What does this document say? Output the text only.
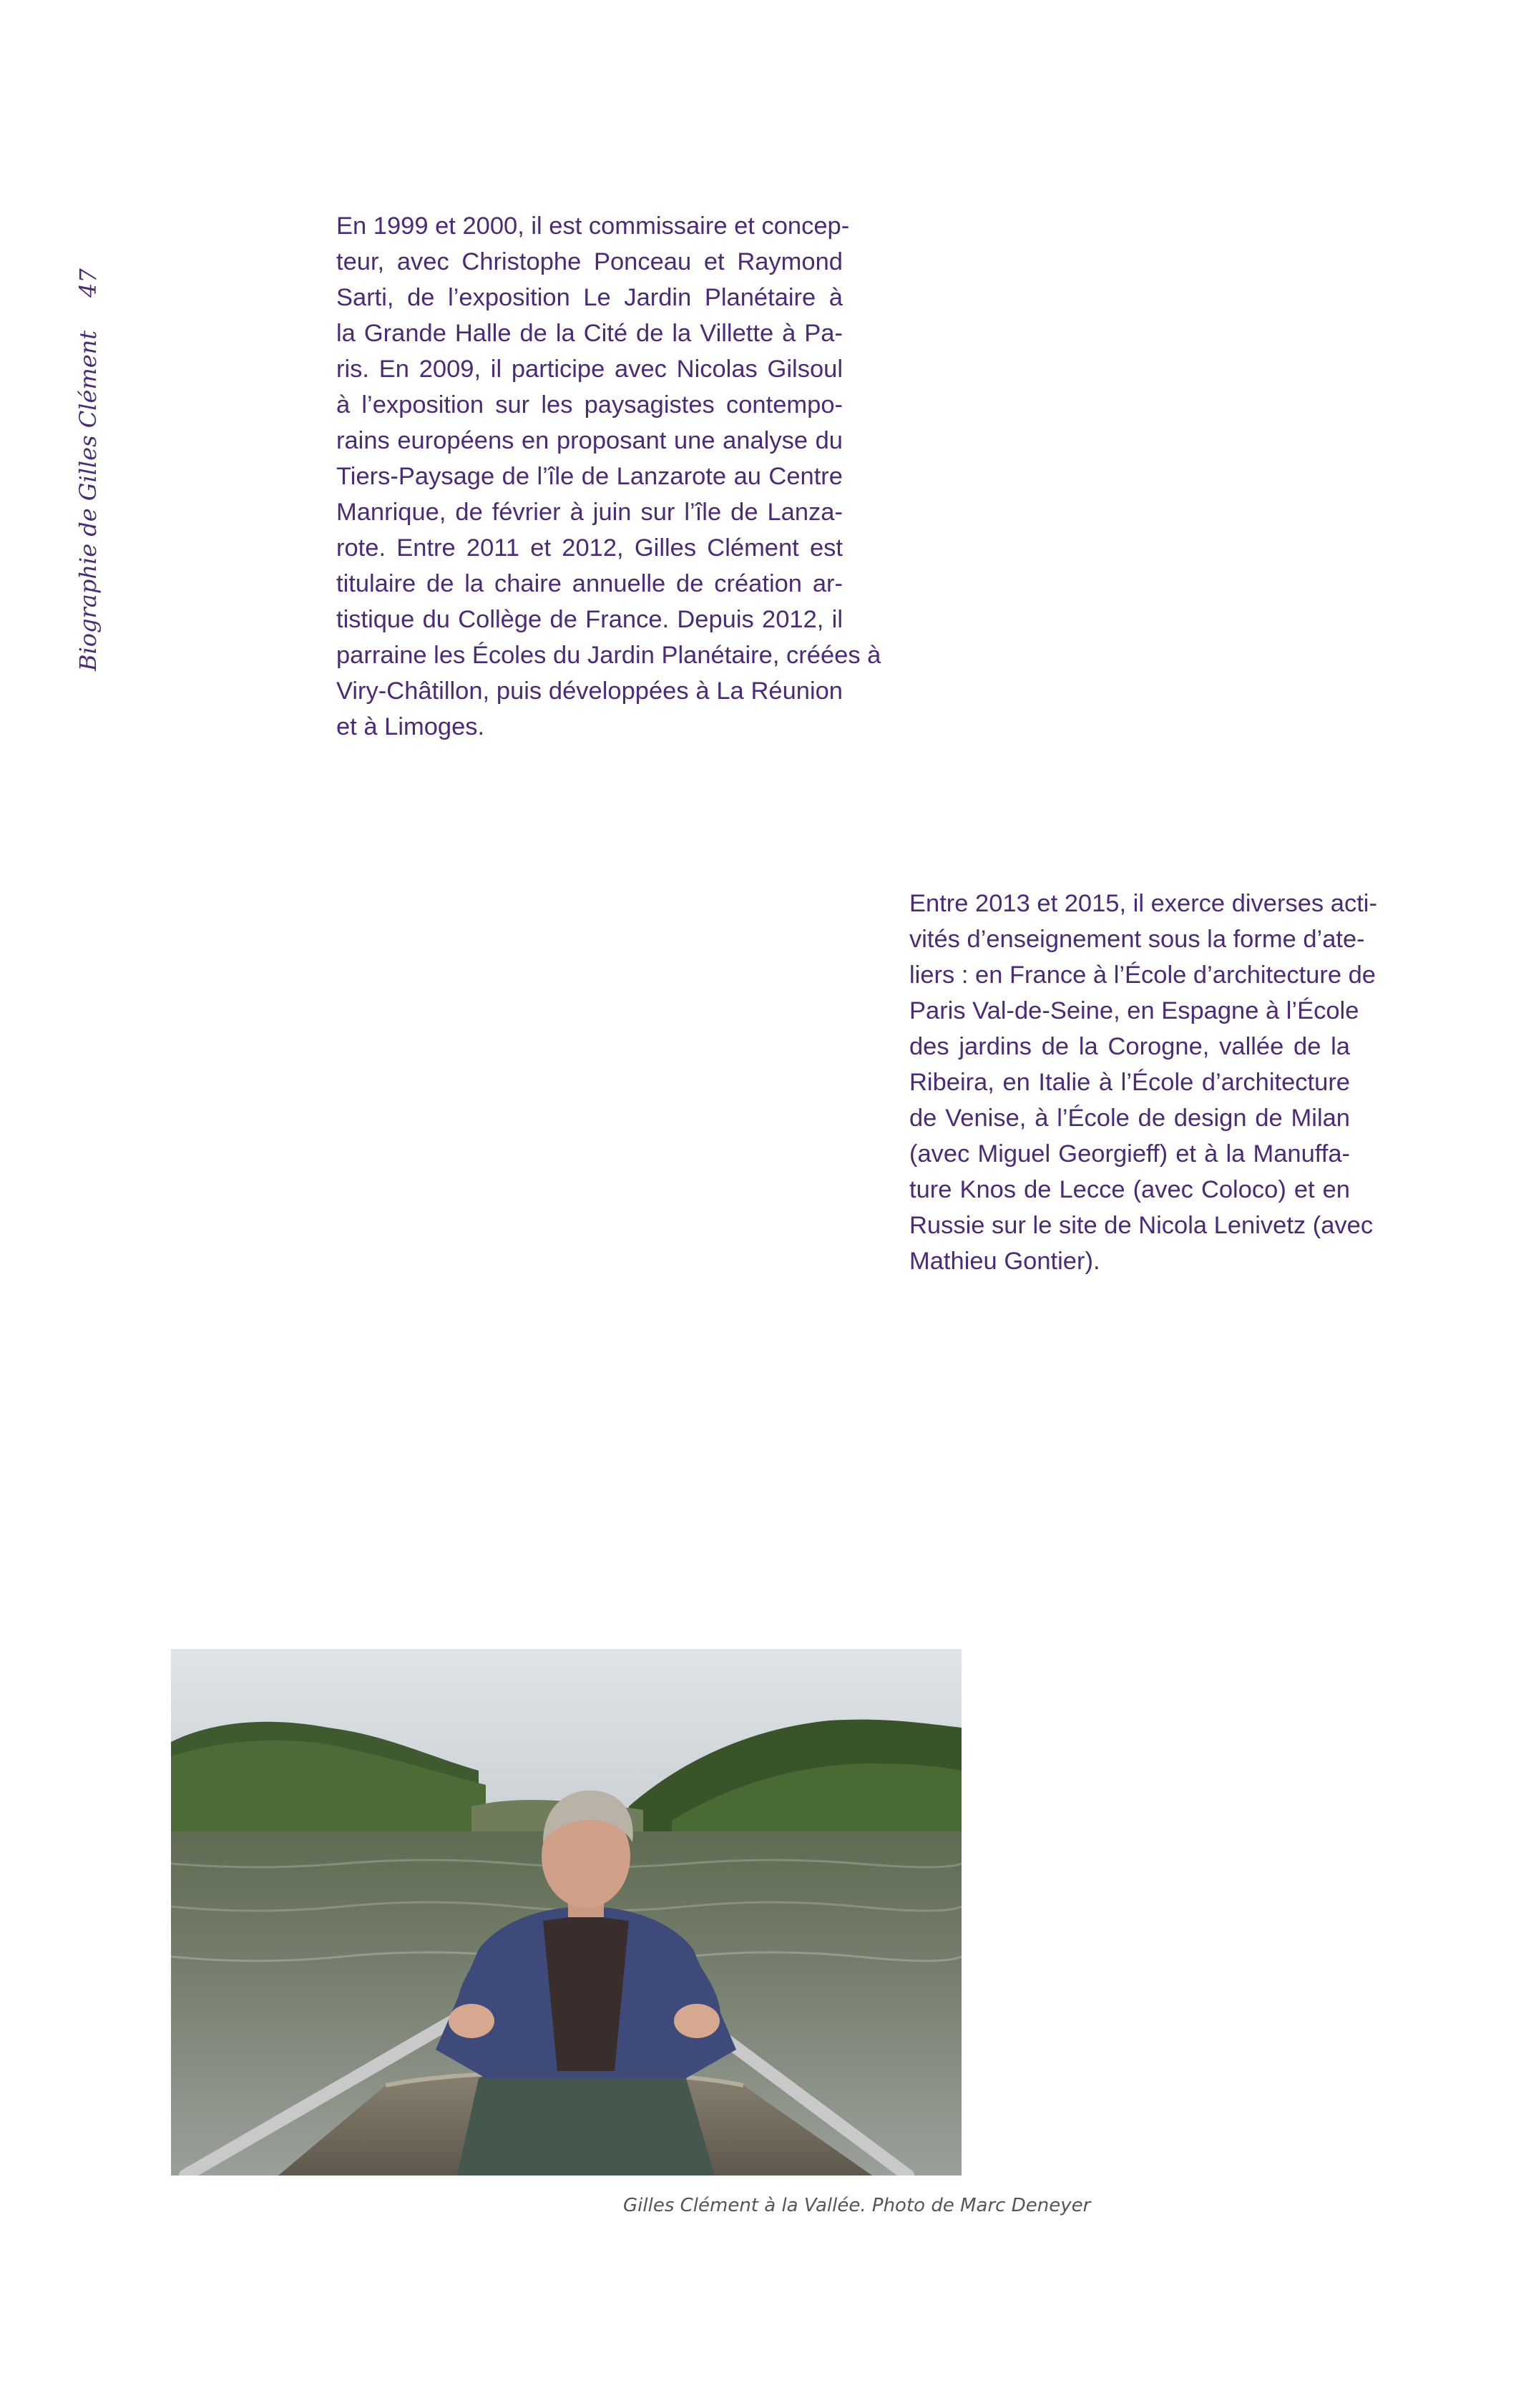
Biographie de Gilles Clément47

En 1999 et 2000, il est commissaire et concep-
teur, avec Christophe Ponceau et Raymond
Sarti, de l’exposition Le Jardin Planétaire à
la Grande Halle de la Cité de la Villette à Pa-
ris. En 2009, il participe avec Nicolas Gilsoul
à l’exposition sur les paysagistes contempo-
rains européens en proposant une analyse du
Tiers-Paysage de l’île de Lanzarote au Centre
Manrique, de février à juin sur l’île de Lanza-
rote. Entre 2011 et 2012, Gilles Clément est
titulaire de la chaire annuelle de création ar-
tistique du Collège de France. Depuis 2012, il
parraine les Écoles du Jardin Planétaire, créées à
Viry-Châtillon, puis développées à La Réunion
et à Limoges.

Entre 2013 et 2015, il exerce diverses acti-
vités d’enseignement sous la forme d’ate-
liers : en France à l’École d’architecture de
Paris Val-de-Seine, en Espagne à l’École
des jardins de la Corogne, vallée de la
Ribeira, en Italie à l’École d’architecture
de Venise, à l’École de design de Milan
(avec Miguel Georgieff) et à la Manuffa-
ture Knos de Lecce (avec Coloco) et en
Russie sur le site de Nicola Lenivetz (avec
Mathieu Gontier).

Gilles Clément à la Vallée. Photo de Marc Deneyer
